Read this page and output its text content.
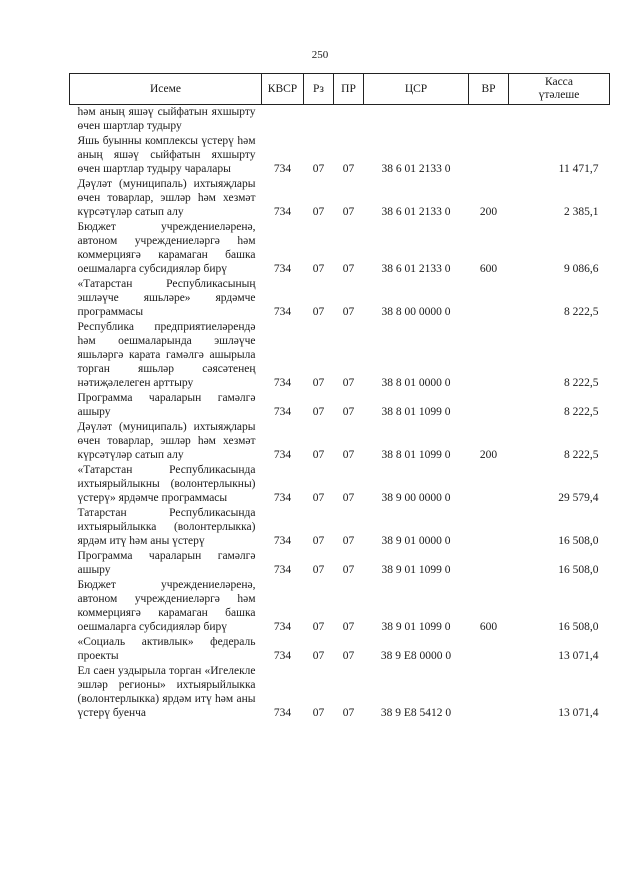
250
Исеме	КВСР	Рз	ПР	ЦСР	ВР	Касса
үтәлеше

һәм аның яшәү сыйфатын яхшырту өчен шартлар тудыру						
Яшь буынны комплексы үстерү һәм аның яшәү сыйфатын яхшырту өчен шартлар тудыру чаралары	734	07	07	38 6 01 2133 0		11 471,7
Дәүләт (муниципаль) ихтыяҗлары өчен товарлар, эшләр һәм хезмәт күрсәтүләр сатып алу	734	07	07	38 6 01 2133 0	200	2 385,1
Бюджет учреждениеләренә, автоном учреждениеләргә һәм коммерциягә карамаган башка оешмаларга субсидияләр бирү	734	07	07	38 6 01 2133 0	600	9 086,6
«Татарстан Республикасының эшләүче яшьләре» ярдәмче программасы	734	07	07	38 8 00 0000 0		8 222,5
Республика предприятиеләрендә һәм оешмаларында эшләүче яшьләргә карата гамәлгә ашырыла торган яшьләр сәясәтенең нәтиҗәлелеген арттыру	734	07	07	38 8 01 0000 0		8 222,5
Программа чараларын гамәлгә ашыру	734	07	07	38 8 01 1099 0		8 222,5
Дәүләт (муниципаль) ихтыяҗлары өчен товарлар, эшләр һәм хезмәт күрсәтүләр сатып алу	734	07	07	38 8 01 1099 0	200	8 222,5
«Татарстан Республикасында ихтыярыйлыкны (волонтерлыкны) үстерү» ярдәмче программасы	734	07	07	38 9 00 0000 0		29 579,4
Татарстан Республикасында ихтыярыйлыкка (волонтерлыкка) ярдәм итү һәм аны үстерү	734	07	07	38 9 01 0000 0		16 508,0
Программа чараларын гамәлгә ашыру	734	07	07	38 9 01 1099 0		16 508,0
Бюджет учреждениеләренә, автоном учреждениеләргә һәм коммерциягә карамаган башка оешмаларга субсидияләр бирү	734	07	07	38 9 01 1099 0	600	16 508,0
«Социаль активлык» федераль проекты	734	07	07	38 9 E8 0000 0		13 071,4
Ел саен уздырыла торган «Игелекле эшләр регионы» ихтыярыйлыкка (волонтерлыкка) ярдәм итү һәм аны үстерү буенча	734	07	07	38 9 E8 5412 0		13 071,4
